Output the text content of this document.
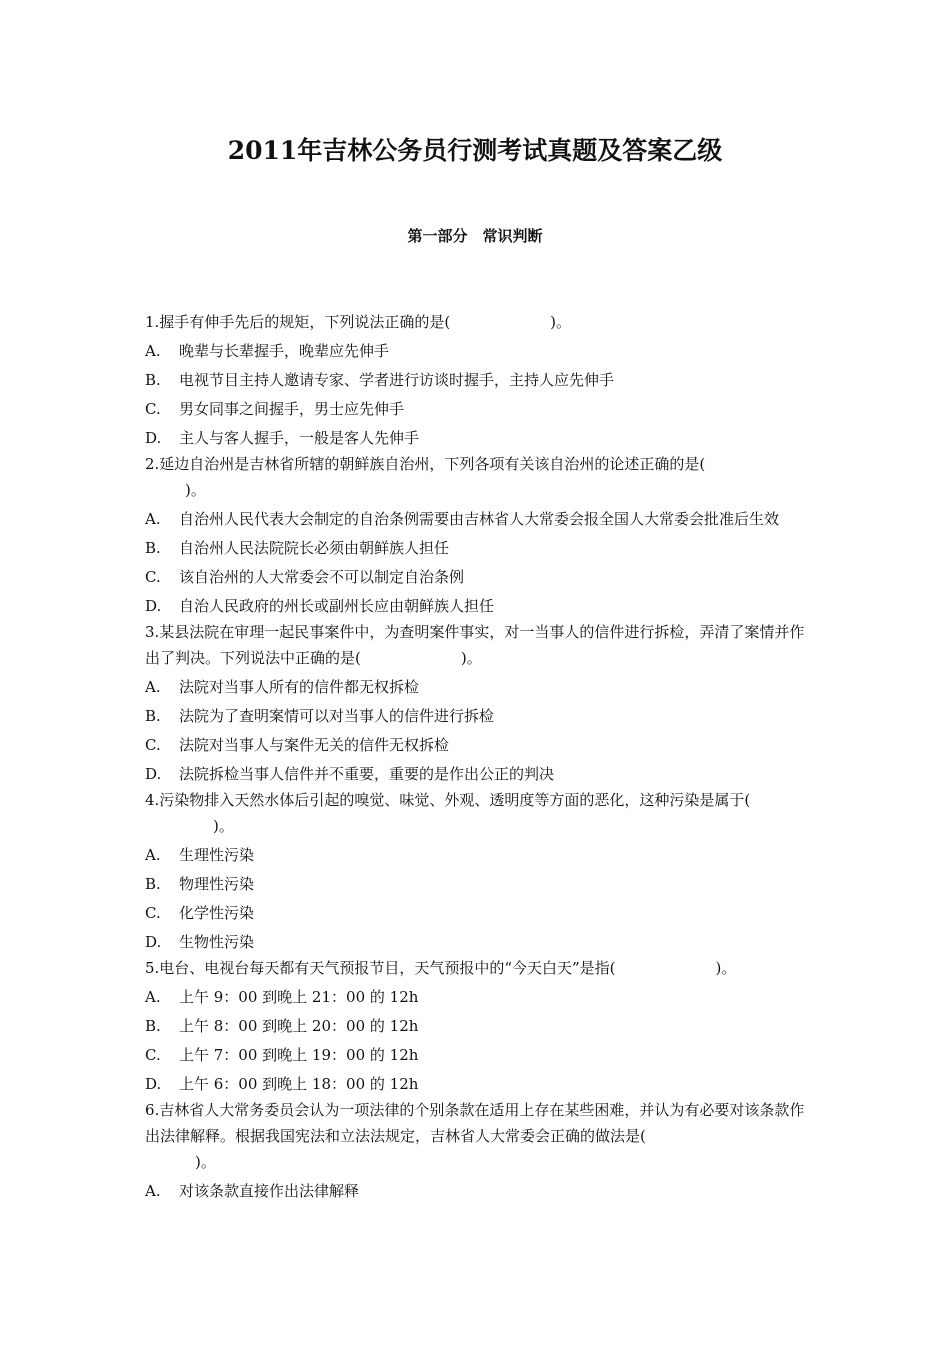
2011年吉林公务员行测考试真题及答案乙级
第一部分　常识判断

1.握手有伸手先后的规矩，下列说法正确的是(	)。

A.	晚辈与长辈握手，晚辈应先伸手
B.	电视节目主持人邀请专家、学者进行访谈时握手，主持人应先伸手
C.	男女同事之间握手，男士应先伸手
D.	主人与客人握手，一般是客人先伸手

2.延边自治州是吉林省所辖的朝鲜族自治州，下列各项有关该自治州的论述正确的是(
)。

A.	自治州人民代表大会制定的自治条例需要由吉林省人大常委会报全国人大常委会批准后生效
B.	自治州人民法院院长必须由朝鲜族人担任
C.	该自治州的人大常委会不可以制定自治条例
D.	自治人民政府的州长或副州长应由朝鲜族人担任

3.某县法院在审理一起民事案件中，为查明案件事实，对一当事人的信件进行拆检，弄清了案情并作出了判决。下列说法中正确的是(	)。

A.	法院对当事人所有的信件都无权拆检
B.	法院为了查明案情可以对当事人的信件进行拆检
C.	法院对当事人与案件无关的信件无权拆检
D.	法院拆检当事人信件并不重要，重要的是作出公正的判决

4.污染物排入天然水体后引起的嗅觉、味觉、外观、透明度等方面的恶化，这种污染是属于(
)。

A.	生理性污染
B.	物理性污染
C.	化学性污染
D.	生物性污染

5.电台、电视台每天都有天气预报节目，天气预报中的“今天白天”是指(	)。

A.	上午 9：00 到晚上 21：00 的 12h
B.	上午 8：00 到晚上 20：00 的 12h
C.	上午 7：00 到晚上 19：00 的 12h
D.	上午 6：00 到晚上 18：00 的 12h

6.吉林省人大常务委员会认为一项法律的个别条款在适用上存在某些困难，并认为有必要对该条款作出法律解释。根据我国宪法和立法法规定，吉林省人大常委会正确的做法是(
)。

A.	对该条款直接作出法律解释
